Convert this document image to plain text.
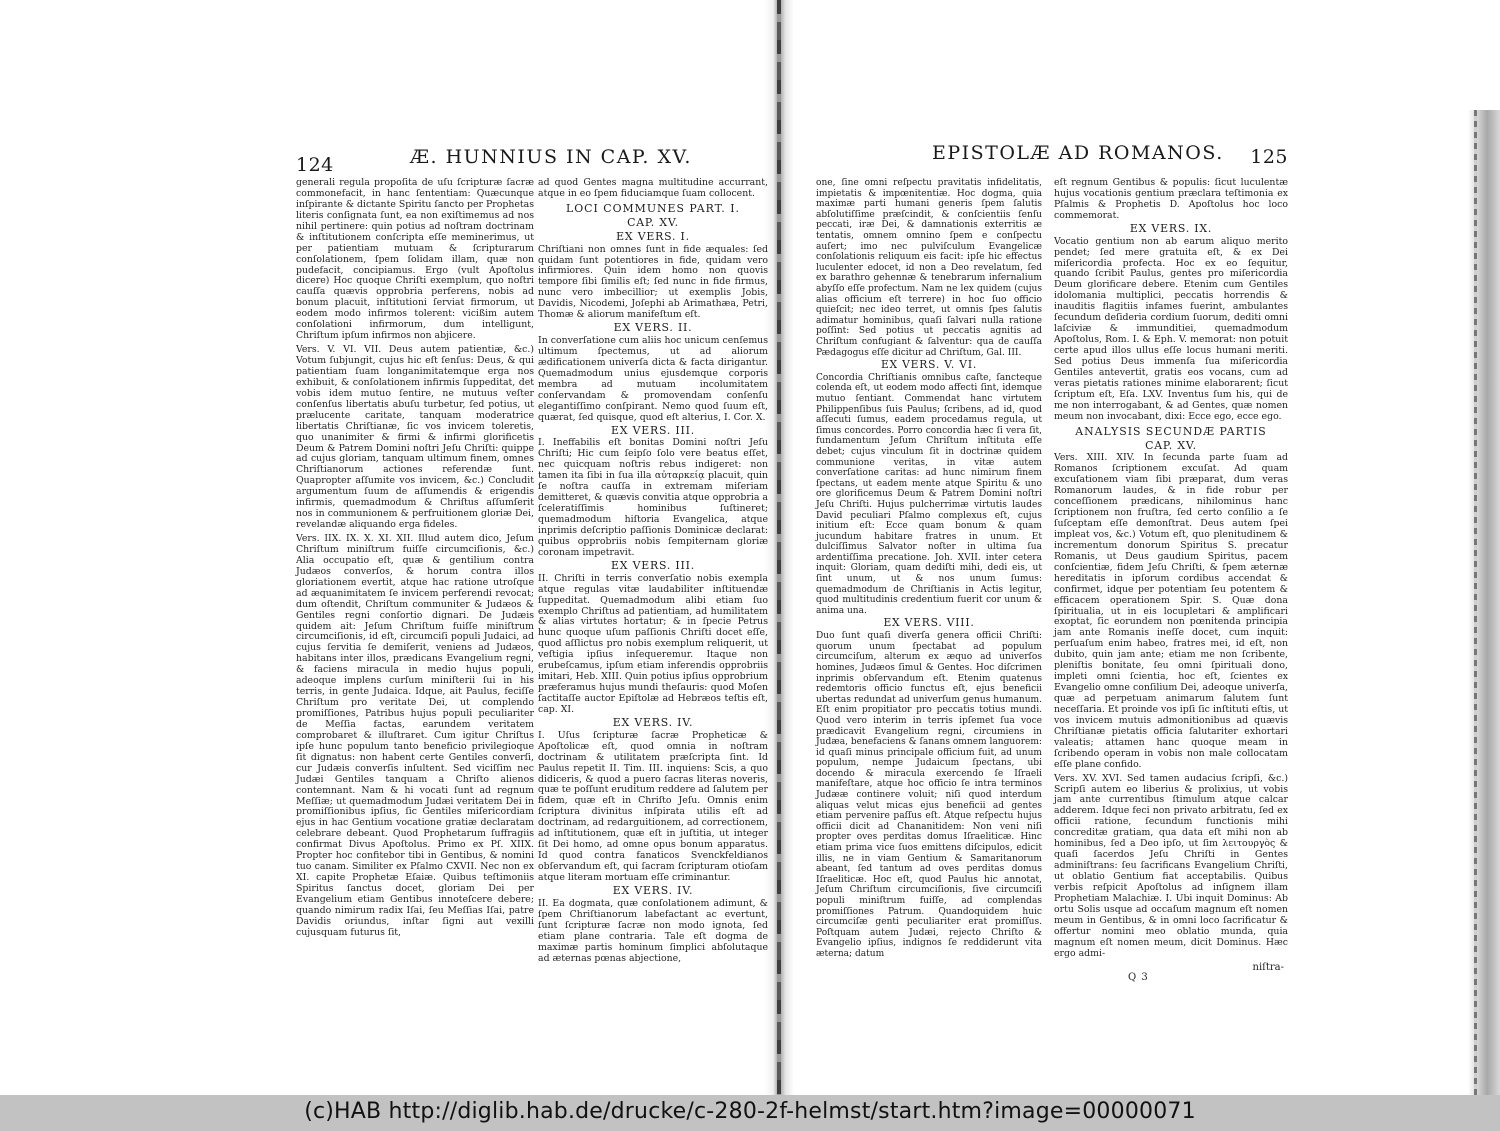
124	Æ. HUNNIUS IN CAP. XV.

generali regula propoſita de uſu ſcripturæ ſacræ commonefacit, in hanc ſententiam: Quæcunque inſpirante & dictante Spiritu ſancto per Prophetas literis conſignata ſunt, ea non exiſtimemus ad nos nihil pertinere: quin potius ad noſtram doctrinam & inſtitutionem conſcripta eſſe meminerimus, ut per patientiam mutuam & ſcripturarum conſolationem, ſpem ſolidam illam, quæ non pudefacit, concipiamus. Ergo (vult Apoſtolus dicere) Hoc quoque Chriſti exemplum, quo noſtri cauſſa quævis opprobria perferens, nobis ad bonum placuit, inſtitutioni ſerviat firmorum, ut eodem modo infirmos tolerent: vicißim autem conſolationi infirmorum, dum intelligunt, Chriſtum ipſum infirmos non abjicere.

Vers. V. VI. VII. Deus autem patientiæ, &c.) Votum ſubjungit, cujus hic eſt ſenſus: Deus, & qui patientiam ſuam longanimitatemque erga nos exhibuit, & conſolationem infirmis ſuppeditat, det vobis idem mutuo ſentire, ne mutuus veſter conſenſus libertatis abuſu turbetur, ſed potius, ut prælucente caritate, tanquam moderatrice libertatis Chriſtianæ, ſic vos invicem toleretis, quo unanimiter & firmi & infirmi glorificetis Deum & Patrem Domini noſtri Jeſu Chriſti: quippe ad cujus gloriam, tanquam ultimum finem, omnes Chriſtianorum actiones referendæ ſunt. Quapropter aſſumite vos invicem, &c.) Concludit argumentum ſuum de aſſumendis & erigendis infirmis, quemadmodum & Chriſtus aſſumſerit nos in communionem & perfruitionem gloriæ Dei, revelandæ aliquando erga fideles.

Vers. IIX. IX. X. XI. XII. Illud autem dico, Jeſum Chriſtum miniſtrum fuiſſe circumciſionis, &c.) Alia occupatio eſt, quæ & gentilium contra Judæos converſos, & horum contra illos gloriationem evertit, atque hac ratione utroſque ad æquanimitatem ſe invicem perferendi revocat; dum oſtendit, Chriſtum communiter & Judæos & Gentiles regni conſortio dignari. De Judæis quidem ait: Jeſum Chriſtum fuiſſe miniſtrum circumciſionis, id eſt, circumciſi populi Judaici, ad cujus ſervitia ſe demiſerit, veniens ad Judæos, habitans inter illos, prædicans Evangelium regni, & faciens miracula in medio hujus populi, adeoque implens curſum miniſterii ſui in his terris, in gente Judaica. Idque, ait Paulus, feciſſe Chriſtum pro veritate Dei, ut complendo promiſſiones, Patribus hujus populi peculiariter de Meſſia factas, earundem veritatem comprobaret & illuſtraret. Cum igitur Chriſtus ipſe hunc populum tanto beneficio privilegioque ſit dignatus: non habent certe Gentiles converſi, cur Judæis converſis inſultent. Sed viciſſim nec Judæi Gentiles tanquam a Chriſto alienos contemnant. Nam & hi vocati ſunt ad regnum Meſſiæ; ut quemadmodum Judæi veritatem Dei in promiſſionibus ipſius, ſic Gentiles miſericordiam ejus in hac Gentium vocatione gratiæ declaratam celebrare debeant. Quod Prophetarum ſuffragiis confirmat Divus Apoſtolus. Primo ex Pſ. XIIX. Propter hoc confitebor tibi in Gentibus, & nomini tuo canam. Similiter ex Pſalmo CXVII. Nec non ex XI. capite Prophetæ Eſaiæ. Quibus teſtimoniis Spiritus ſanctus docet, gloriam Dei per Evangelium etiam Gentibus innoteſcere debere; quando nimirum radix Iſai, ſeu Meſſias Iſai, patre Davidis oriundus, inſtar ſigni aut vexilli cujusquam futurus ſit,

ad quod Gentes magna multitudine accurrant, atque in eo ſpem fiduciamque ſuam collocent.

LOCI COMMUNES PART. I.
CAP. XV.
EX VERS. I.

Chriſtiani non omnes ſunt in fide æquales: ſed quidam ſunt potentiores in fide, quidam vero infirmiores. Quin idem homo non quovis tempore ſibi ſimilis eſt; ſed nunc in fide firmus, nunc vero imbecillior; ut exemplis Jobis, Davidis, Nicodemi, Joſephi ab Arimathæa, Petri, Thomæ & aliorum manifeſtum eſt.

EX VERS. II.

In converſatione cum aliis hoc unicum cenſemus ultimum ſpectemus, ut ad aliorum ædificationem univerſa dicta & facta dirigantur. Quemadmodum unius ejusdemque corporis membra ad mutuam incolumitatem conſervandam & promovendam conſenſu elegantiſſimo conſpirant. Nemo quod ſuum eſt, quærat, ſed quisque, quod eſt alterius, I. Cor. X.

EX VERS. III.

I. Ineffabilis eſt bonitas Domini noſtri Jeſu Chriſti; Hic cum ſeipſo ſolo vere beatus eſſet, nec quicquam noſtris rebus indigeret: non tamen ita ſibi in ſua illa αὐταρκείᾳ placuit, quin ſe noſtra cauſſa in extremam miſeriam demitteret, & quævis convitia atque opprobria a ſceleratiſſimis hominibus ſuſtineret; quemadmodum hiſtoria Evangelica, atque inprimis deſcriptio paſſionis Dominicæ declarat: quibus opprobriis nobis ſempiternam gloriæ coronam impetravit.

EX VERS. III.

II. Chriſti in terris converſatio nobis exempla atque regulas vitæ laudabiliter inſtituendæ ſuppeditat. Quemadmodum alibi etiam ſuo exemplo Chriſtus ad patientiam, ad humilitatem & alias virtutes hortatur; & in ſpecie Petrus hunc quoque uſum paſſionis Chriſti docet eſſe, quod aſſlictus pro nobis exemplum reliquerit, ut veſtigia ipſius inſequeremur. Itaque non erubeſcamus, ipſum etiam inferendis opprobriis imitari, Heb. XIII. Quin potius ipſius opprobrium præferamus hujus mundi theſauris: quod Moſen ſactitaſſe auctor Epiſtolæ ad Hebræos teſtis eſt, cap. XI.

EX VERS. IV.

I. Uſus ſcripturæ ſacræ Propheticæ & Apoſtolicæ eſt, quod omnia in noſtram doctrinam & utilitatem præſcripta ſint. Id Paulus repetit II. Tim. III. inquiens: Scis, a quo didiceris, & quod a puero ſacras literas noveris, quæ te poſſunt eruditum reddere ad ſalutem per fidem, quæ eſt in Chriſto Jeſu. Omnis enim ſcriptura divinitus inſpirata utilis eſt ad doctrinam, ad redarguitionem, ad correctionem, ad inſtitutionem, quæ eſt in juſtitia, ut integer ſit Dei homo, ad omne opus bonum apparatus. Id quod contra fanaticos Svenckfeldianos obſervandum eſt, qui ſacram ſcripturam otioſam atque literam mortuam eſſe criminantur.

EX VERS. IV.

II. Ea dogmata, quæ conſolationem adimunt, & ſpem Chriſtianorum labefactant ac evertunt, ſunt ſcripturæ ſacræ non modo ignota, ſed etiam plane contraria. Tale eſt dogma de maximæ partis hominum ſimplici abſolutaque ad æternas pœnas abjectione,

EPISTOLÆ AD ROMANOS. 125

one, ſine omni reſpectu pravitatis infidelitatis, impietatis & impœnitentiæ. Hoc dogma, quia maximæ parti humani generis ſpem ſalutis abſolutiſſime præſcindit, & conſcientiis ſenſu peccati, iræ Dei, & damnationis exterritis æ tentatis, omnem omnino ſpem e conſpectu auſert; imo nec pulviſculum Evangelicæ conſolationis reliquum eis facit: ipſe hic effectus luculenter edocet, id non a Deo revelatum, ſed ex barathro gehennæ & tenebrarum infernalium abyſſo eſſe profectum. Nam ne lex quidem (cujus alias officium eſt terrere) in hoc ſuo officio quieſcit; nec ideo terret, ut omnis ſpes ſalutis adimatur hominibus, quaſi ſalvari nulla ratione poſſint: Sed potius ut peccatis agnitis ad Chriſtum confugiant & ſalventur: qua de cauſſa Pædagogus eſſe dicitur ad Chriſtum, Gal. III.

EX VERS. V. VI.

Concordia Chriſtianis omnibus caſte, ſancteque colenda eſt, ut eodem modo affecti ſint, idemque mutuo ſentiant. Commendat hanc virtutem Philippenſibus ſuis Paulus; ſcribens, ad id, quod aſſecuti ſumus, eadem procedamus regula, ut ſimus concordes. Porro concordia hæc ſi vera ſit, fundamentum Jeſum Chriſtum inſtituta eſſe debet; cujus vinculum ſit in doctrinæ quidem communione veritas, in vitæ autem converſatione caritas: ad hunc nimirum finem ſpectans, ut eadem mente atque Spiritu & uno ore glorificemus Deum & Patrem Domini noſtri Jeſu Chriſti. Hujus pulcherrimæ virtutis laudes David peculiari Pſalmo complexus eſt, cujus initium eſt: Ecce quam bonum & quam jucundum habitare fratres in unum. Et dulciſſimus Salvator noſter in ultima ſua ardentiſſima precatione. Joh. XVII. inter cetera inquit: Gloriam, quam dediſti mihi, dedi eis, ut ſint unum, ut & nos unum ſumus: quemadmodum de Chriſtianis in Actis legitur, quod multitudinis credentium fuerit cor unum & anima una.

EX VERS. VIII.

Duo ſunt quaſi diverſa genera officii Chriſti: quorum unum ſpectabat ad populum circumciſum, alterum ex æquo ad univerſos homines, Judæos ſimul & Gentes. Hoc diſcrimen inprimis obſervandum eſt. Etenim quatenus redemtoris officio functus eſt, ejus beneficii ubertas redundat ad univerſum genus humanum. Eſt enim propitiator pro peccatis totius mundi. Quod vero interim in terris ipſemet ſua voce prædicavit Evangelium regni, circumiens in Judæa, benefaciens & ſanans omnem languorem: id quaſi minus principale officium fuit, ad unum populum, nempe Judaicum ſpectans, ubi docendo & miracula exercendo ſe Iſraeli manifeſtare, atque hoc officio ſe intra terminos Judææ continere voluit; niſi quod interdum aliquas velut micas ejus beneficii ad gentes etiam pervenire paſſus eſt. Atque reſpectu hujus officii dicit ad Chananitidem: Non veni niſi propter oves perditas domus Iſraeliticæ. Hinc etiam prima vice ſuos emittens diſcipulos, edicit illis, ne in viam Gentium & Samaritanorum abeant, ſed tantum ad oves perditas domus Iſraeliticæ. Hoc eſt, quod Paulus hic annotat, Jeſum Chriſtum circumciſionis, ſive circumciſi populi miniſtrum fuiſſe, ad complendas promiſſiones Patrum. Quandoquidem huic circumciſæ genti peculiariter erat promiſſus. Poſtquam autem Judæi, rejecto Chriſto & Evangelio ipſius, indignos ſe reddiderunt vita æterna; datum

eſt regnum Gentibus & populis: ſicut luculentæ hujus vocationis gentium præclara teſtimonia ex Pſalmis & Prophetis D. Apoſtolus hoc loco commemorat.

EX VERS. IX.

Vocatio gentium non ab earum aliquo merito pendet; ſed mere gratuita eſt, & ex Dei miſericordia profecta. Hoc ex eo ſequitur, quando ſcribit Paulus, gentes pro miſericordia Deum glorificare debere. Etenim cum Gentiles idolomania multiplici, peccatis horrendis & inauditis flagitiis infames fuerint, ambulantes ſecundum deſideria cordium ſuorum, dediti omni laſciviæ & immunditiei, quemadmodum Apoſtolus, Rom. I. & Eph. V. memorat: non potuit certe apud illos ullus eſſe locus humani meriti. Sed potius Deus immenſa ſua miſericordia Gentiles antevertit, gratis eos vocans, cum ad veras pietatis rationes minime elaborarent; ſicut ſcriptum eſt, Eſa. LXV. Inventus ſum his, qui de me non interrogabant, & ad Gentes, quæ nomen meum non invocabant, dixi: Ecce ego, ecce ego.

ANALYSIS SECUNDÆ PARTIS
CAP. XV.

Vers. XIII. XIV. In ſecunda parte ſuam ad Romanos ſcriptionem excuſat. Ad quam excuſationem viam ſibi præparat, dum veras Romanorum laudes, & in fide robur per conceſſionem prædicans, nihilominus hanc ſcriptionem non fruſtra, ſed certo conſilio a ſe ſuſceptam eſſe demonſtrat. Deus autem ſpei impleat vos, &c.) Votum eſt, quo plenitudinem & incrementum donorum Spiritus S. precatur Romanis, ut Deus gaudium Spiritus, pacem conſcientiæ, fidem Jeſu Chriſti, & ſpem æternæ hereditatis in ipſorum cordibus accendat & confirmet, idque per potentiam ſeu potentem & efficacem operationem Spir. S. Quæ dona ſpiritualia, ut in eis locupletari & amplificari exoptat, ſic eorundem non pœnitenda principia jam ante Romanis ineſſe docet, cum inquit: perſuaſum enim habeo, fratres mei, id eſt, non dubito, quin jam ante; etiam me non ſcribente, pleniſtis bonitate, ſeu omni ſpirituali dono, impleti omni ſcientia, hoc eſt, ſcientes ex Evangelio omne conſilium Dei, adeoque univerſa, quæ ad perpetuam animarum ſalutem ſunt neceſſaria. Et proinde vos ipſi ſic inſtituti eſtis, ut vos invicem mutuis admonitionibus ad quævis Chriſtianæ pietatis officia ſalutariter exhortari valeatis; attamen hanc quoque meam in ſcribendo operam in vobis non male collocatam eſſe plane confido.

Vers. XV. XVI. Sed tamen audacius ſcripſi, &c.) Scripſi autem eo liberius & prolixius, ut vobis jam ante currentibus ſtimulum atque calcar adderem. Idque feci non privato arbitratu, ſed ex officii ratione, ſecundum functionis mihi concreditæ gratiam, qua data eſt mihi non ab hominibus, ſed a Deo ipſo, ut ſim λειτουργὸς & quaſi ſacerdos Jeſu Chriſti in Gentes adminiſtrans: ſeu ſacrificans Evangelium Chriſti, ut oblatio Gentium fiat acceptabilis. Quibus verbis reſpicit Apoſtolus ad inſignem illam Prophetiam Malachiæ. I. Ubi inquit Dominus: Ab ortu Solis usque ad occaſum magnum eſt nomen meum in Gentibus, & in omni loco ſacrificatur & offertur nomini meo oblatio munda, quia magnum eſt nomen meum, dicit Dominus. Hæc ergo admi-

Q 3
niſtra-
(c)HAB http://diglib.hab.de/drucke/c-280-2f-helmst/start.htm?image=00000071
